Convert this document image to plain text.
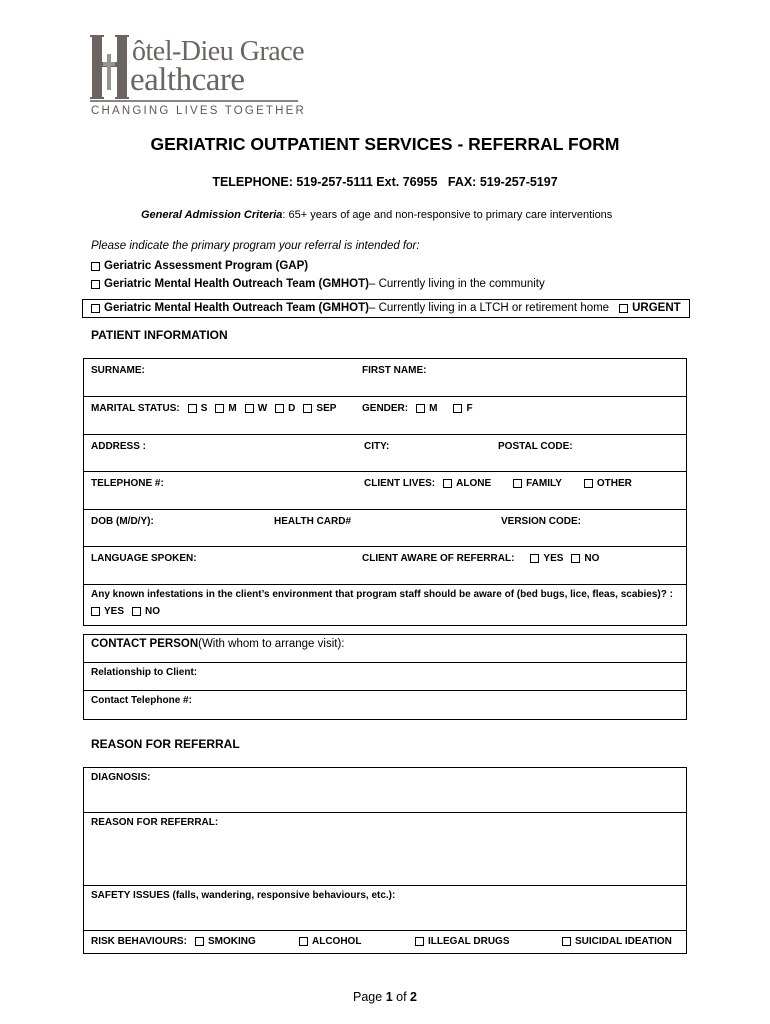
ôtel-Dieu Grace
ealthcare
CHANGING LIVES TOGETHER
GERIATRIC OUTPATIENT SERVICES - REFERRAL FORM
TELEPHONE: 519-257-5111 Ext. 76955   FAX: 519-257-5197
General Admission Criteria: 65+ years of age and non-responsive to primary care interventions
Please indicate the primary program your referral is intended for:
Geriatric Assessment Program (GAP)
Geriatric Mental Health Outreach Team (GMHOT) – Currently living in the community
Geriatric Mental Health Outreach Team (GMHOT) – Currently living in a LTCH or retirement home URGENT
PATIENT INFORMATION
SURNAME:	FIRST NAME:
MARITAL STATUS: S M W D SEP	GENDER: M	F
ADDRESS :	CITY:	POSTAL CODE:
TELEPHONE #:	CLIENT LIVES: ALONE	FAMILY	OTHER
DOB (M/D/Y):	HEALTH CARD#	VERSION CODE:
LANGUAGE SPOKEN:	CLIENT AWARE OF REFERRAL:	YES NO
Any known infestations in the client’s environment that program staff should be aware of (bed bugs, lice, fleas, scabies)? :
YES NO
CONTACT PERSON (With whom to arrange visit):
Relationship to Client:
Contact Telephone #:
REASON FOR REFERRAL
DIAGNOSIS:
REASON FOR REFERRAL:
SAFETY ISSUES (falls, wandering, responsive behaviours, etc.):
RISK BEHAVIOURS: SMOKING	ALCOHOL	ILLEGAL DRUGS	SUICIDAL IDEATION
Page 1 of 2
